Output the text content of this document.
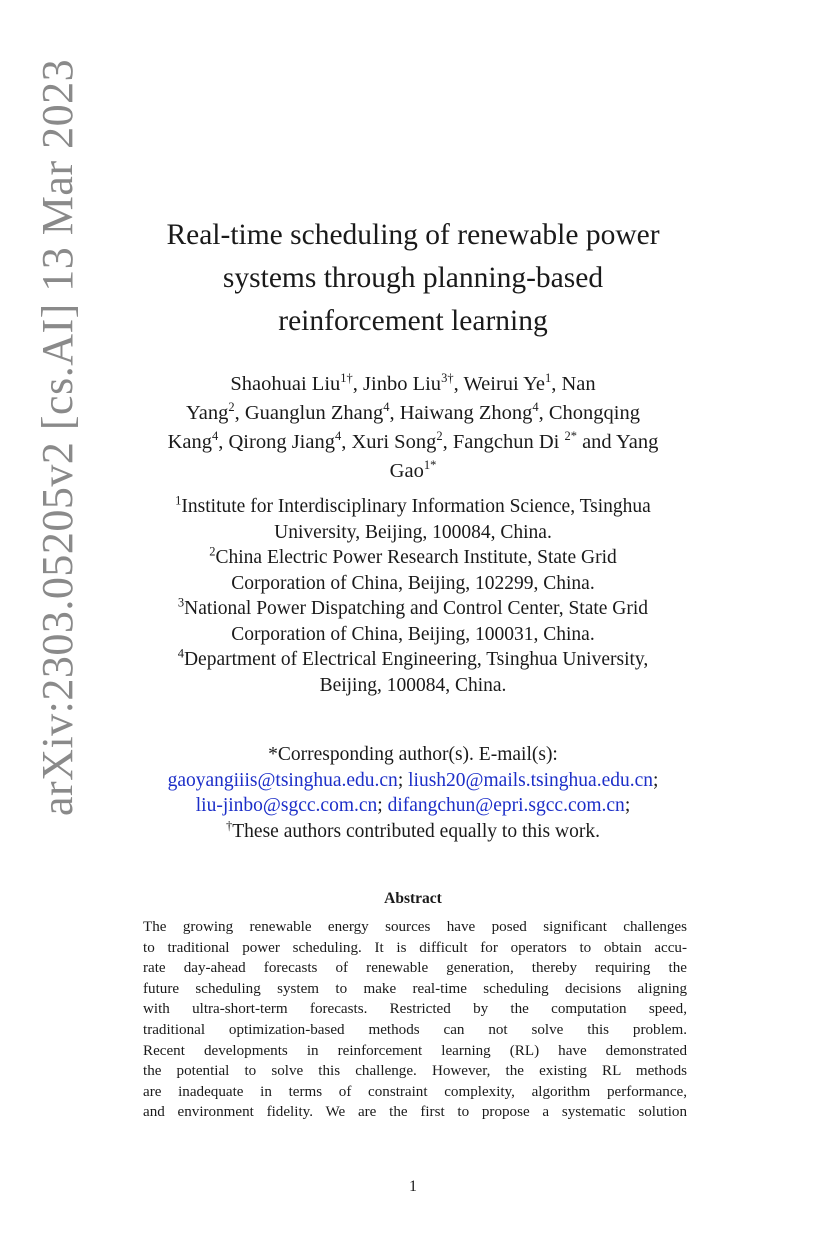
arXiv:2303.05205v2 [cs.AI] 13 Mar 2023	Real-time scheduling of renewable power
systems through planning-based
reinforcement learning
Shaohuai Liu$^{1\dagger}$, Jinbo Liu$^{3\dagger}$, Weirui Ye$^1$, Nan
Yang$^2$, Guanglun Zhang$^4$, Haiwang Zhong$^4$, Chongqing
Kang$^4$, Qirong Jiang$^4$, Xuri Song$^2$, Fangchun Di $^{2*}$ and Yang
Gao$^{1*}$
$^1$Institute for Interdisciplinary Information Science, Tsinghua
University, Beijing, 100084, China.
$^2$China Electric Power Research Institute, State Grid
Corporation of China, Beijing, 102299, China.
$^3$National Power Dispatching and Control Center, State Grid
Corporation of China, Beijing, 100031, China.
$^4$Department of Electrical Engineering, Tsinghua University,
Beijing, 100084, China.
*Corresponding author(s). E-mail(s):
gaoyangiiis@tsinghua.edu.cn; liush20@mails.tsinghua.edu.cn;
liu-jinbo@sgcc.com.cn; difangchun@epri.sgcc.com.cn;
†These authors contributed equally to this work.
Abstract
The growing renewable energy sources have posed significant challenges
to traditional power scheduling. It is difficult for operators to obtain accu-
rate day-ahead forecasts of renewable generation, thereby requiring the
future scheduling system to make real-time scheduling decisions aligning
with ultra-short-term forecasts. Restricted by the computation speed,
traditional optimization-based methods can not solve this problem.
Recent developments in reinforcement learning (RL) have demonstrated
the potential to solve this challenge. However, the existing RL methods
are inadequate in terms of constraint complexity, algorithm performance,
and environment fidelity. We are the first to propose a systematic solution
1
